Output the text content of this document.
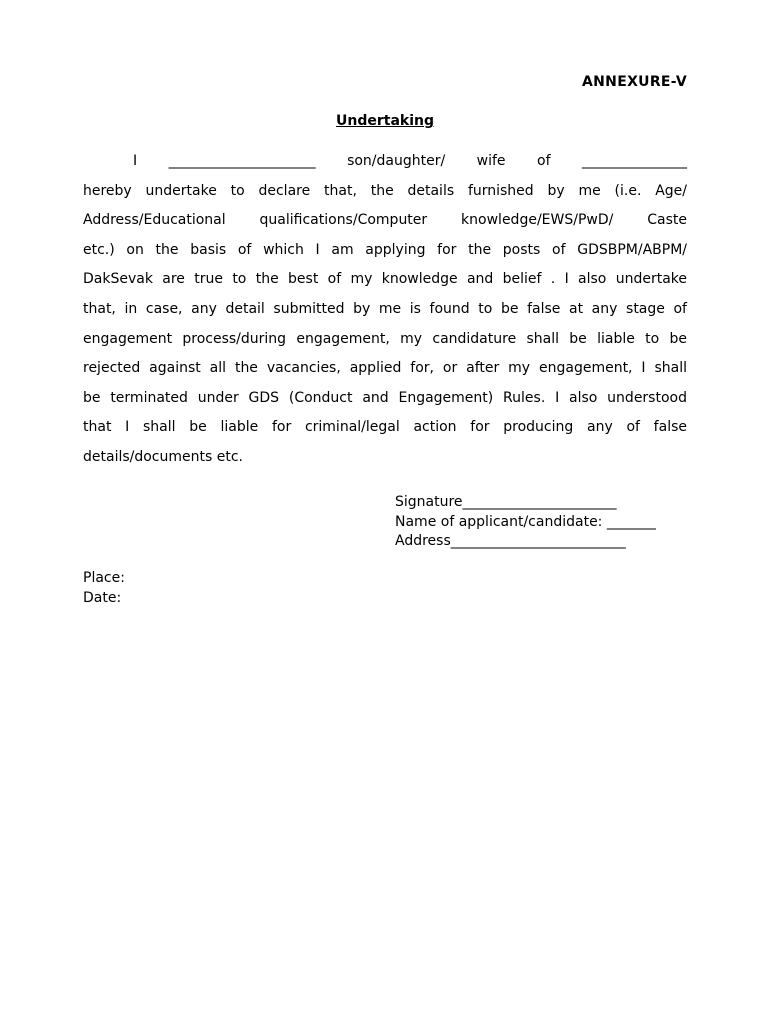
ANNEXURE-V
Undertaking
I _____________________ son/daughter/ wife of _______________
hereby undertake to declare that, the details furnished by me (i.e. Age/
Address/Educational qualifications/Computer knowledge/EWS/PwD/ Caste
etc.) on the basis of which I am applying for the posts of GDSBPM/ABPM/
DakSevak are true to the best of my knowledge and belief . I also undertake
that, in case, any detail submitted by me is found to be false at any stage of
engagement process/during engagement, my candidature shall be liable to be
rejected against all the vacancies, applied for, or after my engagement, I shall
be terminated under GDS (Conduct and Engagement) Rules. I also understood
that I shall be liable for criminal/legal action for producing any of false
details/documents etc.
Signature______________________
Name of applicant/candidate: _______
Address_________________________
Place:
Date:
